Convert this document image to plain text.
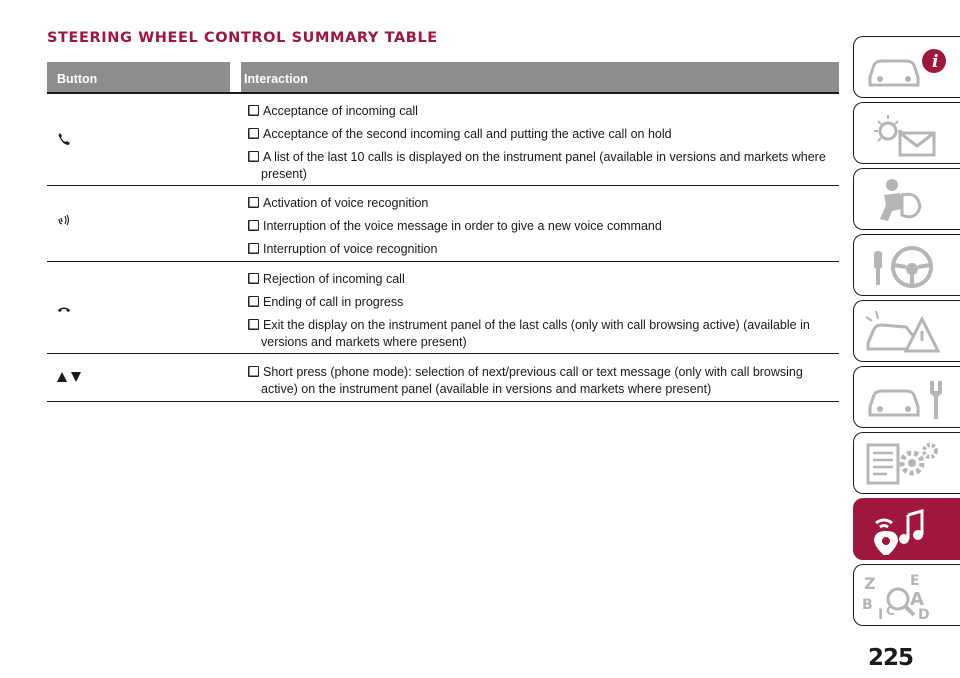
STEERING WHEEL CONTROL SUMMARY TABLE
Button	Interaction
Acceptance of incoming call
Acceptance of the second incoming call and putting the active call on hold
A list of the last 10 calls is displayed on the instrument panel (available in versions and markets where present)
Activation of voice recognition
Interruption of the voice message in order to give a new voice command
Interruption of voice recognition
Rejection of incoming call
Ending of call in progress
Exit the display on the instrument panel of the last calls (only with call browsing active) (available in versions and markets where present)
Short press (phone mode): selection of next/previous call or text message (only with call browsing active) on the instrument panel (available in versions and markets where present)
i
Z E
B A
D
I C
225
